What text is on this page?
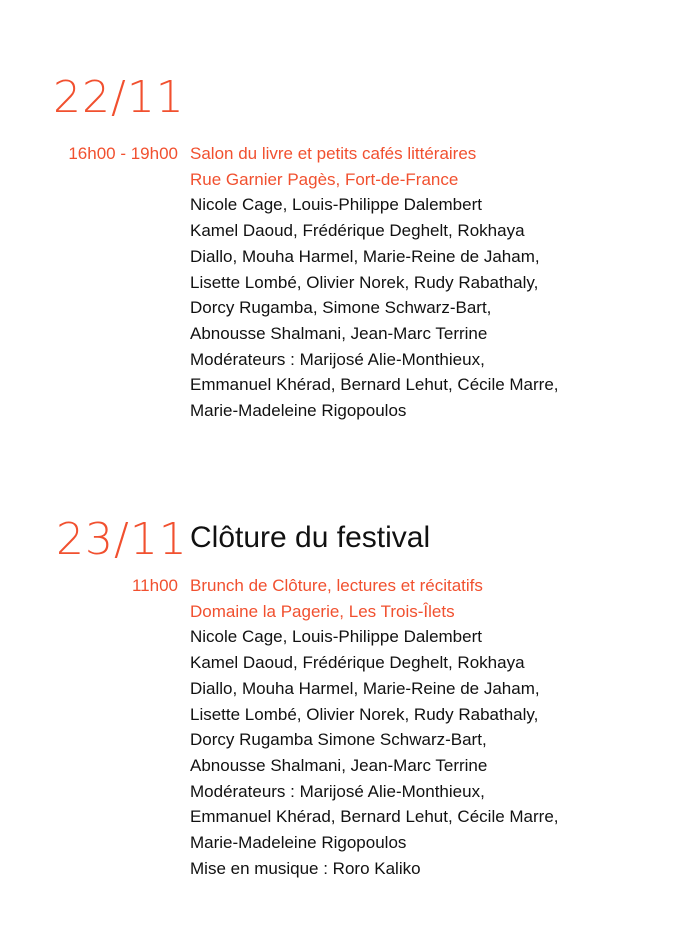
22/11
16h00 - 19h00 Salon du livre et petits cafés littéraires
Rue Garnier Pagès, Fort-de-France
Nicole Cage, Louis-Philippe Dalembert
Kamel Daoud, Frédérique Deghelt, Rokhaya
Diallo, Mouha Harmel, Marie-Reine de Jaham,
Lisette Lombé, Olivier Norek, Rudy Rabathaly,
Dorcy Rugamba, Simone Schwarz-Bart,
Abnousse Shalmani, Jean-Marc Terrine
Modérateurs : Marijosé Alie-Monthieux,
Emmanuel Khérad, Bernard Lehut, Cécile Marre,
Marie-Madeleine Rigopoulos
23/11 Clôture du festival
11h00 Brunch de Clôture, lectures et récitatifs
Domaine la Pagerie, Les Trois-Îlets
Nicole Cage, Louis-Philippe Dalembert
Kamel Daoud, Frédérique Deghelt, Rokhaya
Diallo, Mouha Harmel, Marie-Reine de Jaham,
Lisette Lombé, Olivier Norek, Rudy Rabathaly,
Dorcy Rugamba Simone Schwarz-Bart,
Abnousse Shalmani, Jean-Marc Terrine
Modérateurs : Marijosé Alie-Monthieux,
Emmanuel Khérad, Bernard Lehut, Cécile Marre,
Marie-Madeleine Rigopoulos
Mise en musique : Roro Kaliko
